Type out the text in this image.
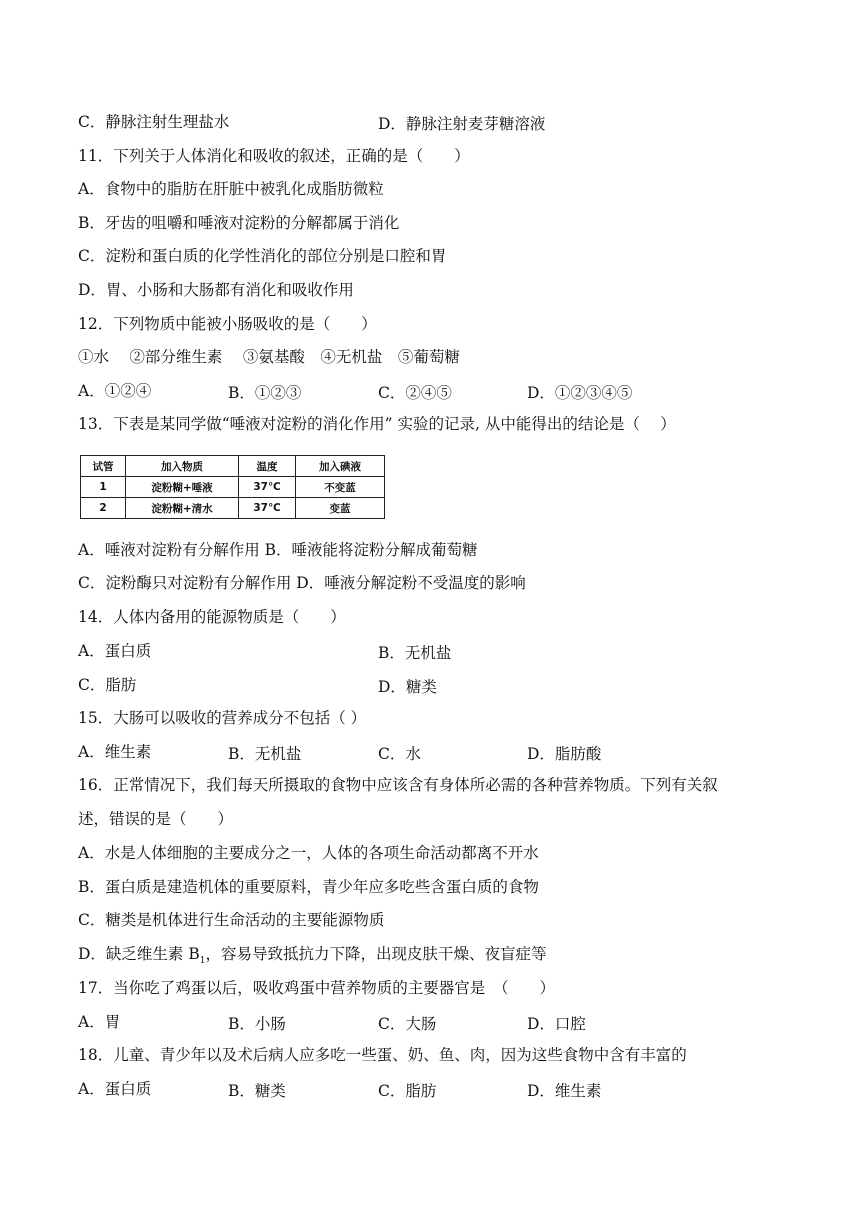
C．静脉注射生理盐水	D．静脉注射麦芽糖溶液
11．下列关于人体消化和吸收的叙述，正确的是（　　）
A．食物中的脂肪在肝脏中被乳化成脂肪微粒
B．牙齿的咀嚼和唾液对淀粉的分解都属于消化
C．淀粉和蛋白质的化学性消化的部位分别是口腔和胃
D．胃、小肠和大肠都有消化和吸收作用
12．下列物质中能被小肠吸收的是（　　）
①水　 ②部分维生素　 ③氨基酸　④无机盐　⑤葡萄糖
A．①②④	B．①②③	C．②④⑤	D．①②③④⑤
13．下表是某同学做“唾液对淀粉的消化作用” 实验的记录, 从中能得出的结论是（　 ）
试管	加入物质	温度	加入碘液
1	淀粉糊+唾液	37℃	不变蓝
2	淀粉糊+清水	37℃	变蓝
A．唾液对淀粉有分解作用 B．唾液能将淀粉分解成葡萄糖
C．淀粉酶只对淀粉有分解作用 D．唾液分解淀粉不受温度的影响
14．人体内备用的能源物质是（　　）
A．蛋白质	B．无机盐
C．脂肪	D．糖类
15．大肠可以吸收的营养成分不包括（ ）
A．维生素	B．无机盐	C．水	D．脂肪酸
16．正常情况下，我们每天所摄取的食物中应该含有身体所必需的各种营养物质。下列有关叙
述，错误的是（　　）
A．水是人体细胞的主要成分之一，人体的各项生命活动都离不开水
B．蛋白质是建造机体的重要原料，青少年应多吃些含蛋白质的食物
C．糖类是机体进行生命活动的主要能源物质
D．缺乏维生素 $B_1$，容易导致抵抗力下降，出现皮肤干燥、夜盲症等
17．当你吃了鸡蛋以后，吸收鸡蛋中营养物质的主要器官是　（　　）
A．胃	B．小肠	C．大肠	D．口腔
18．儿童、青少年以及术后病人应多吃一些蛋、奶、鱼、肉，因为这些食物中含有丰富的
A．蛋白质	B．糖类	C．脂肪	D．维生素
